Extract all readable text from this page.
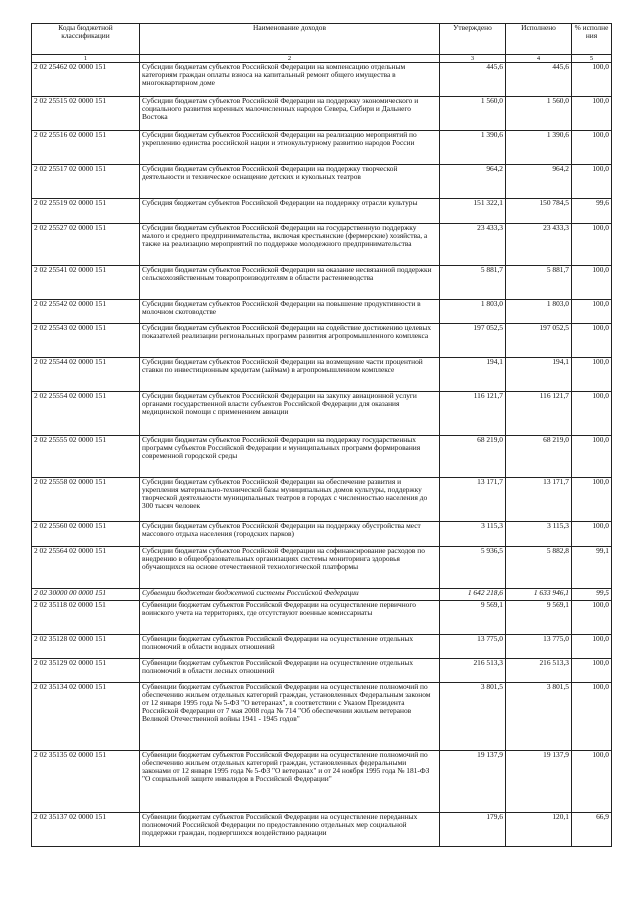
Коды бюджетной классификации	Наименование доходов	Утверждено	Исполнено	% исполне ния
1	2	3	4	5
2 02 25462 02 0000 151	Субсидии бюджетам субъектов Российской Федерации на компенсацию отдельным категориям граждан оплаты взноса на капитальный ремонт общего имущества в многоквартирном доме	445,6	445,6	100,0
2 02 25515 02 0000 151	Субсидии бюджетам субъектов Российской Федерации на поддержку экономического и социального развития коренных малочисленных народов Севера, Сибири и Дальнего Востока	1 560,0	1 560,0	100,0
2 02 25516 02 0000 151	Субсидии бюджетам субъектов Российской Федерации на реализацию мероприятий по укреплению единства российской нации и этнокультурному развитию народов России	1 390,6	1 390,6	100,0
2 02 25517 02 0000 151	Субсидии бюджетам субъектов Российской Федерации на поддержку творческой деятельности и техническое оснащение детских и кукольных театров	964,2	964,2	100,0
2 02 25519 02 0000 151	Субсидия бюджетам субъектов Российской Федерации на поддержку отрасли культуры	151 322,1	150 784,5	99,6
2 02 25527 02 0000 151	Субсидии бюджетам субъектов Российской Федерации на государственную поддержку малого и среднего предпринимательства, включая крестьянские (фермерские) хозяйства, а также на реализацию мероприятий по поддержке молодежного предпринимательства	23 433,3	23 433,3	100,0
2 02 25541 02 0000 151	Субсидии бюджетам субъектов Российской Федерации на оказание несвязанной поддержки сельскохозяйственным товаропроизводителям в области растениеводства	5 881,7	5 881,7	100,0
2 02 25542 02 0000 151	Субсидии бюджетам субъектов Российской Федерации на повышение продуктивности в молочном скотоводстве	1 803,0	1 803,0	100,0
2 02 25543 02 0000 151	Субсидии бюджетам субъектов Российской Федерации на содействие достижению целевых показателей реализации региональных программ развития агропромышленного комплекса	197 052,5	197 052,5	100,0
2 02 25544 02 0000 151	Субсидии бюджетам субъектов Российской Федерации на возмещение части процентной ставки по инвестиционным кредитам (займам) в агропромышленном комплексе	194,1	194,1	100,0
2 02 25554 02 0000 151	Субсидии бюджетам субъектов Российской Федерации на закупку авиационной услуги органами государственной власти субъектов Российской Федерации для оказания медицинской помощи с применением авиации	116 121,7	116 121,7	100,0
2 02 25555 02 0000 151	Субсидии бюджетам субъектов Российской Федерации на поддержку государственных программ субъектов Российской Федерации и муниципальных программ формирования современной городской среды	68 219,0	68 219,0	100,0
2 02 25558 02 0000 151	Субсидии бюджетам субъектов Российской Федерации на обеспечение развития и укрепления материально-технической базы муниципальных домов культуры, поддержку творческой деятельности муниципальных театров в городах с численностью населения до 300 тысяч человек	13 171,7	13 171,7	100,0
2 02 25560 02 0000 151	Субсидии бюджетам субъектов Российской Федерации на поддержку обустройства мест массового отдыха населения (городских парков)	3 115,3	3 115,3	100,0
2 02 25564 02 0000 151	Субсидии бюджетам субъектов Российской Федерации на софинансирование расходов по внедрению в общеобразовательных организациях системы мониторинга здоровья обучающихся на основе отечественной технологической платформы	5 936,5	5 882,8	99,1
2 02 30000 00 0000 151	Субвенции бюджетам бюджетной системы Российской Федерации	1 642 218,6	1 633 946,1	99,5
2 02 35118 02 0000 151	Субвенции бюджетам субъектов Российской Федерации на осуществление первичного воинского учета на территориях, где отсутствуют военные комиссариаты	9 569,1	9 569,1	100,0
2 02 35128 02 0000 151	Субвенции бюджетам субъектов Российской Федерации на осуществление отдельных полномочий в области водных отношений	13 775,0	13 775,0	100,0
2 02 35129 02 0000 151	Субвенции бюджетам субъектов Российской Федерации на осуществление отдельных полномочий в области лесных отношений	216 513,3	216 513,3	100,0
2 02 35134 02 0000 151	Субвенции бюджетам субъектов Российской Федерации на осуществление полномочий по обеспечению жильем отдельных категорий граждан, установленных Федеральным законом от 12 января 1995 года № 5-ФЗ "О ветеранах", в соответствии с Указом Президента Российской Федерации от 7 мая 2008 года № 714 "Об обеспечении жильем ветеранов Великой Отечественной войны 1941 - 1945 годов"	3 801,5	3 801,5	100,0
2 02 35135 02 0000 151	Субвенции бюджетам субъектов Российской Федерации на осуществление полномочий по обеспечению жильем отдельных категорий граждан, установленных федеральными законами от 12 января 1995 года № 5-ФЗ "О ветеранах" и от 24 ноября 1995 года № 181-ФЗ "О социальной защите инвалидов в Российской Федерации"	19 137,9	19 137,9	100,0
2 02 35137 02 0000 151	Субвенции бюджетам субъектов Российской Федерации на осуществление переданных полномочий Российской Федерации по предоставлению отдельных мер социальной поддержки граждан, подвергшихся воздействию радиации	179,6	120,1	66,9
